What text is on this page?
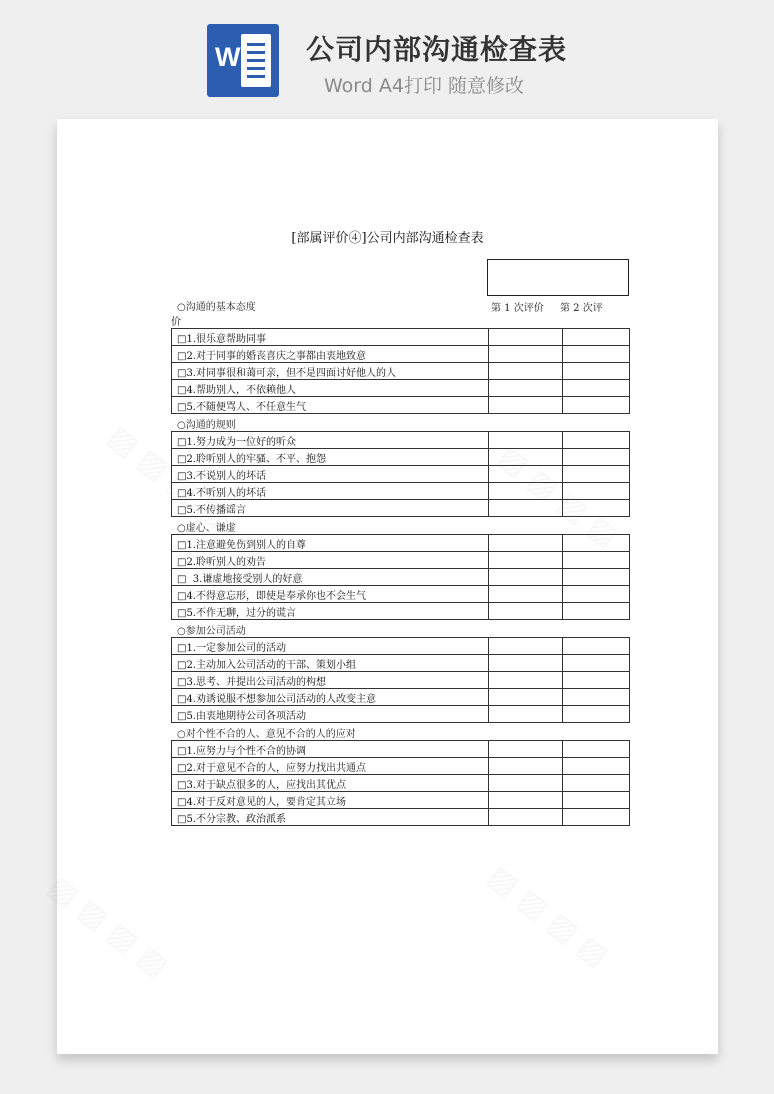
W 公司内部沟通检查表
Word A4打印 随意修改
[部属评价④]公司内部沟通检查表
第 1 次评价 第 2 次评
价
○沟通的基本态度
□1.很乐意帮助同事		
□2.对于同事的婚丧喜庆之事都由衷地致意		
□3.对同事很和蔼可亲，但不是四面讨好他人的人		
□4.帮助别人，不依赖他人		
□5.不随便骂人、不任意生气		
○沟通的规则
□1.努力成为一位好的听众		
□2.聆听别人的牢骚、不平、抱怨		
□3.不说别人的坏话		
□4.不听别人的坏话		
□5.不传播谣言		
○虚心、谦虚
□1.注意避免伤到别人的自尊		
□2.聆听别人的劝告		
□  3.谦虚地接受别人的好意		
□4.不得意忘形，即使是奉承你也不会生气		
□5.不作无聊，过分的谎言		
○参加公司活动
□1.一定参加公司的活动		
□2.主动加入公司活动的干部、策划小组		
□3.思考、并提出公司活动的构想		
□4.劝诱说服不想参加公司活动的人改变主意		
□5.由衷地期待公司各项活动		
○对个性不合的人、意见不合的人的应对
□1.应努力与个性不合的协调		
□2.对于意见不合的人，应努力找出共通点		
□3.对于缺点很多的人，应找出其优点		
□4.对于反对意见的人，要肯定其立场		
□5.不分宗教、政治派系		
